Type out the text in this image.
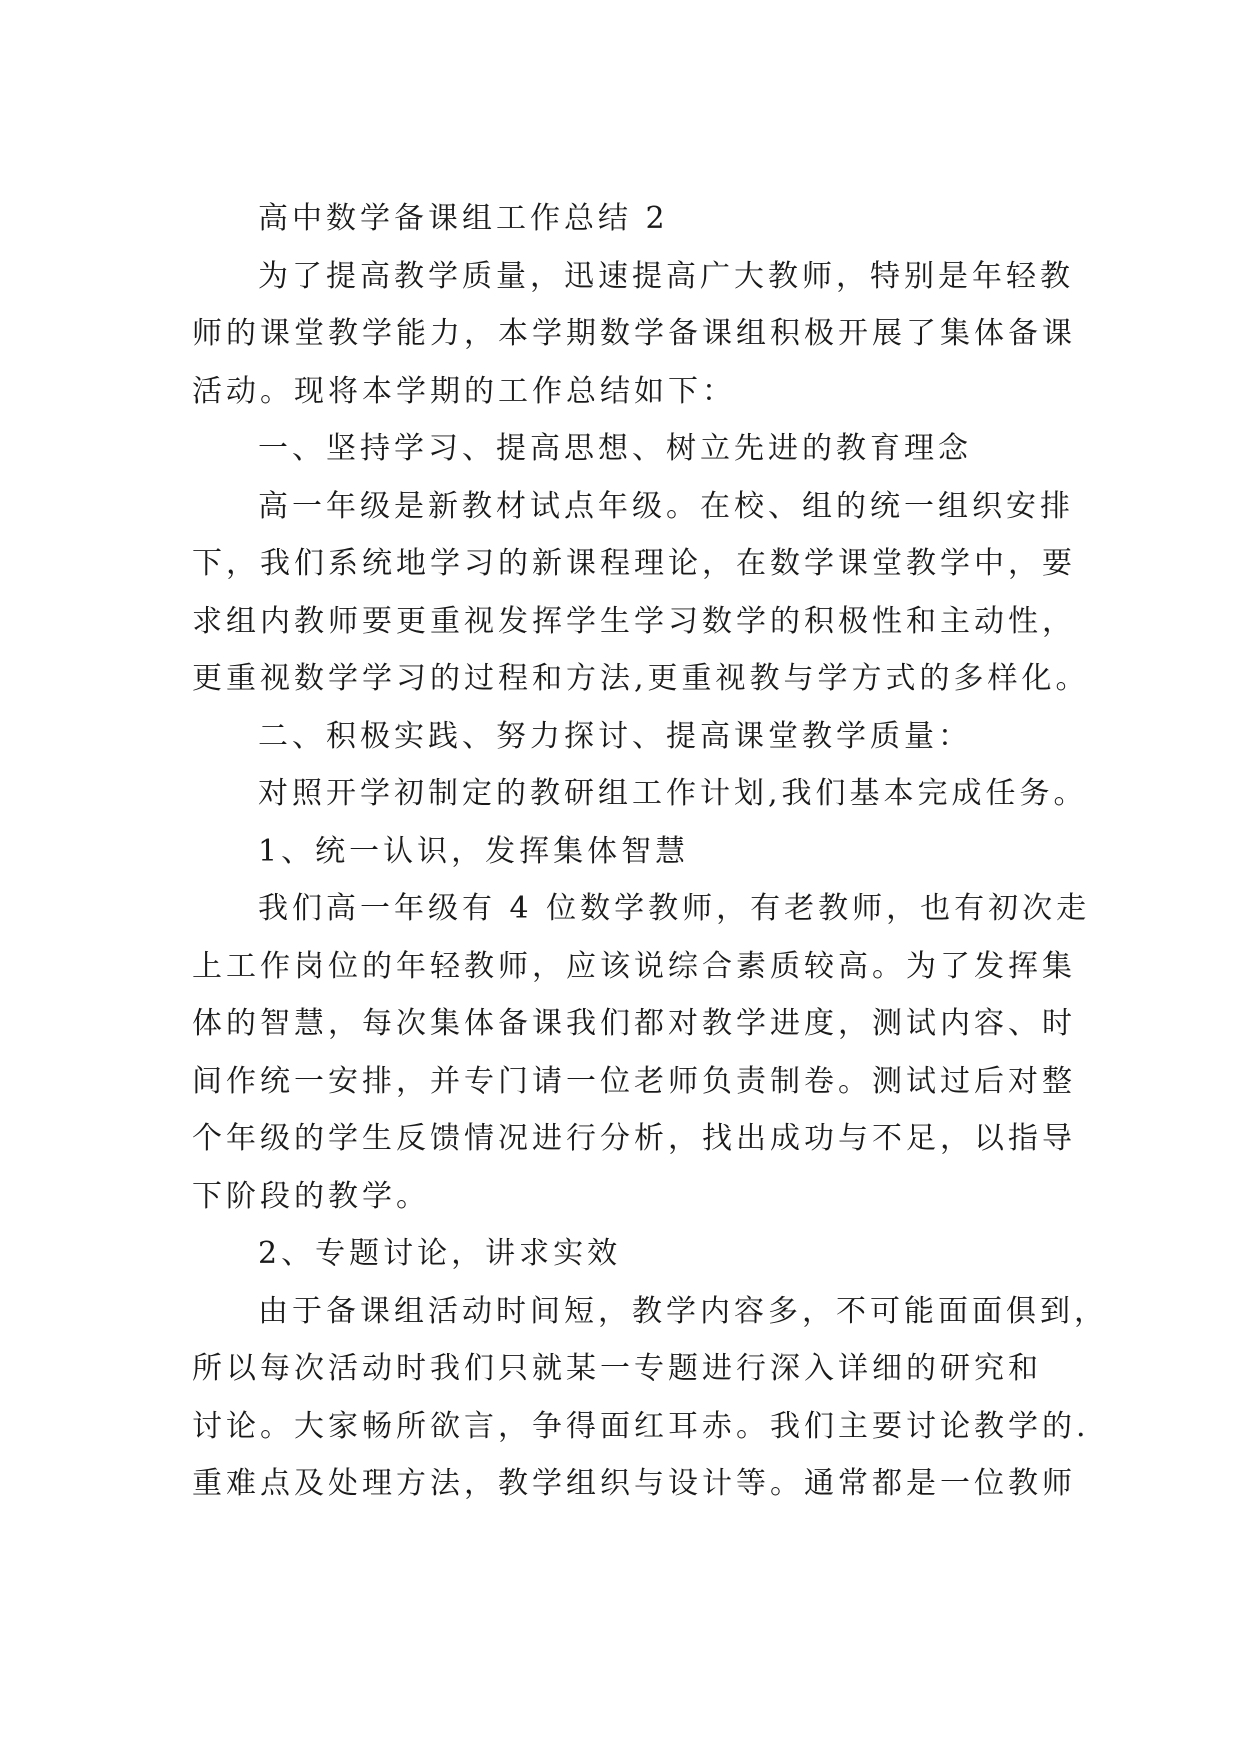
高中数学备课组工作总结 2
为了提高教学质量，迅速提高广大教师，特别是年轻教
师的课堂教学能力，本学期数学备课组积极开展了集体备课
活动。现将本学期的工作总结如下：
一、坚持学习、提高思想、树立先进的教育理念
高一年级是新教材试点年级。在校、组的统一组织安排
下，我们系统地学习的新课程理论，在数学课堂教学中，要
求组内教师要更重视发挥学生学习数学的积极性和主动性，
更重视数学学习的过程和方法,更重视教与学方式的多样化。
二、积极实践、努力探讨、提高课堂教学质量：
对照开学初制定的教研组工作计划,我们基本完成任务。
1、统一认识，发挥集体智慧
我们高一年级有 4 位数学教师，有老教师，也有初次走
上工作岗位的年轻教师，应该说综合素质较高。为了发挥集
体的智慧，每次集体备课我们都对教学进度，测试内容、时
间作统一安排，并专门请一位老师负责制卷。测试过后对整
个年级的学生反馈情况进行分析，找出成功与不足，以指导
下阶段的教学。
2、专题讨论，讲求实效
由于备课组活动时间短，教学内容多，不可能面面俱到，
所以每次活动时我们只就某一专题进行深入详细的研究和
讨论。大家畅所欲言，争得面红耳赤。我们主要讨论教学的.
重难点及处理方法，教学组织与设计等。通常都是一位教师
